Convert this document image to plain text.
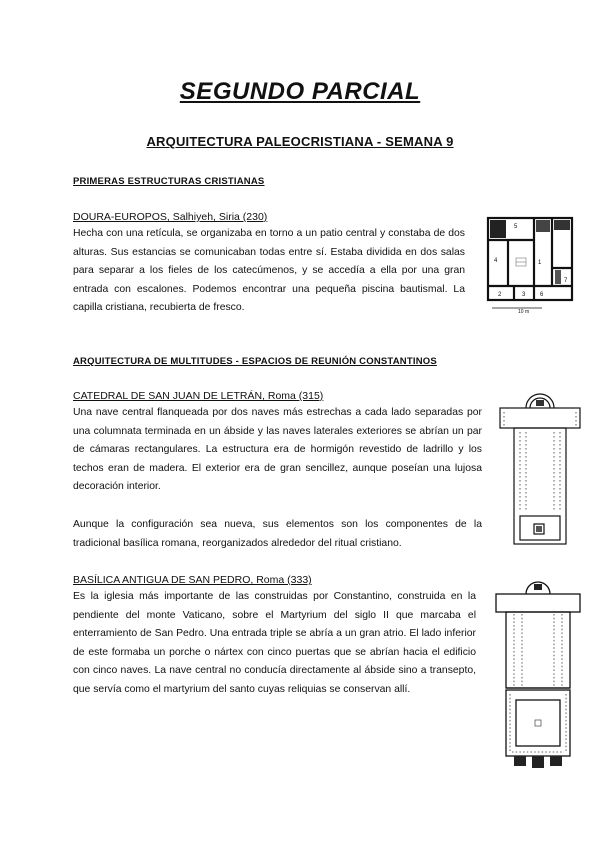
SEGUNDO PARCIAL
ARQUITECTURA PALEOCRISTIANA - SEMANA 9
PRIMERAS ESTRUCTURAS CRISTIANAS
DOURA-EUROPOS, Salhiyeh, Siria (230)

Hecha con una retícula, se organizaba en torno a un patio central y constaba de dos alturas. Sus estancias se comunicaban todas entre sí. Estaba dividida en dos salas para separar a los fieles de los catecúmenos, y se accedía a ella por una gran entrada con escalones. Podemos encontrar una pequeña piscina bautismal. La capilla cristiana, recubierta de fresco.

5
4	1
2	3 6
7
10 m
ARQUITECTURA DE MULTITUDES - ESPACIOS DE REUNIÓN CONSTANTINOS
CATEDRAL DE SAN JUAN DE LETRÁN, Roma (315)

Una nave central flanqueada por dos naves más estrechas a cada lado separadas por una columnata terminada en un ábside y las naves laterales exteriores se abrían un par de cámaras rectangulares. La estructura era de hormigón revestido de ladrillo y los techos eran de madera. El exterior era de gran sencillez, aunque poseían una lujosa decoración interior.

Aunque la configuración sea nueva, sus elementos son los componentes de la tradicional basílica romana, reorganizados alrededor del ritual cristiano.

BASÍLICA ANTIGUA DE SAN PEDRO, Roma (333)

Es la iglesia más importante de las construidas por Constantino, construida en la pendiente del monte Vaticano, sobre el Martyrium del siglo II que marcaba el enterramiento de San Pedro. Una entrada triple se abría a un gran atrio. El lado inferior de este formaba un porche o nártex con cinco puertas que se abrían hacia el edificio con cinco naves. La nave central no conducía directamente al ábside sino a transepto, que servía como el martyrium del santo cuyas reliquias se conservan allí.
